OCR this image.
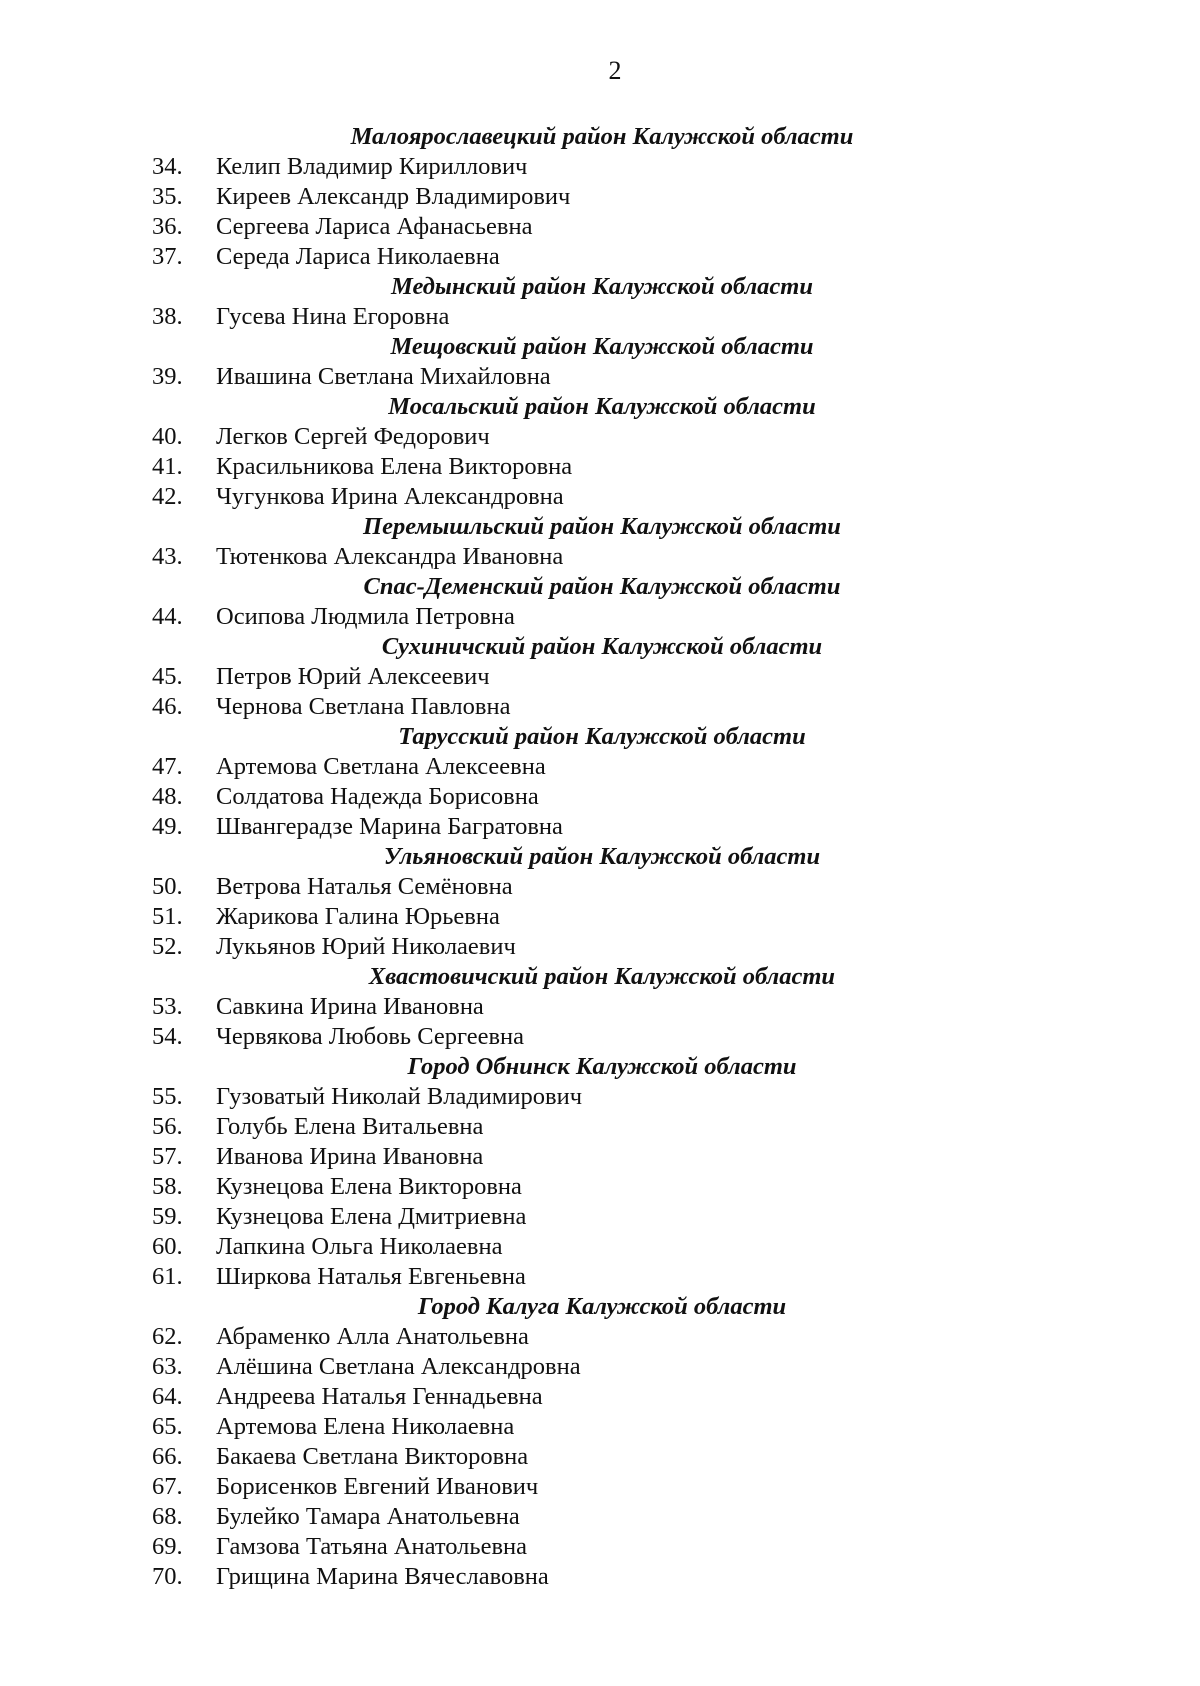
2
Малоярославецкий район Калужской области
34. Келип Владимир Кириллович
35. Киреев Александр Владимирович
36. Сергеева Лариса Афанасьевна
37. Середа Лариса Николаевна
Медынский район Калужской области
38. Гусева Нина Егоровна
Мещовский район Калужской области
39. Ивашина Светлана Михайловна
Мосальский район Калужской области
40. Легков Сергей Федорович
41. Красильникова Елена Викторовна
42. Чугункова Ирина Александровна
Перемышльский район Калужской области
43. Тютенкова Александра Ивановна
Спас-Деменский район Калужской области
44. Осипова Людмила Петровна
Сухиничский район Калужской области
45. Петров Юрий Алексеевич
46. Чернова Светлана Павловна
Тарусский район Калужской области
47. Артемова Светлана Алексеевна
48. Солдатова Надежда Борисовна
49. Швангерадзе Марина Багратовна
Ульяновский район Калужской области
50. Ветрова Наталья Семёновна
51. Жарикова Галина Юрьевна
52. Лукьянов Юрий Николаевич
Хвастовичский район Калужской области
53. Савкина Ирина Ивановна
54. Червякова Любовь Сергеевна
Город Обнинск Калужской области
55. Гузоватый Николай Владимирович
56. Голубь Елена Витальевна
57. Иванова Ирина Ивановна
58. Кузнецова Елена Викторовна
59. Кузнецова Елена Дмитриевна
60. Лапкина Ольга Николаевна
61. Ширкова Наталья Евгеньевна
Город Калуга Калужской области
62. Абраменко Алла Анатольевна
63. Алёшина Светлана Александровна
64. Андреева Наталья Геннадьевна
65. Артемова Елена Николаевна
66. Бакаева Светлана Викторовна
67. Борисенков Евгений Иванович
68. Булейко Тамара Анатольевна
69. Гамзова Татьяна Анатольевна
70. Грищина Марина Вячеславовна
